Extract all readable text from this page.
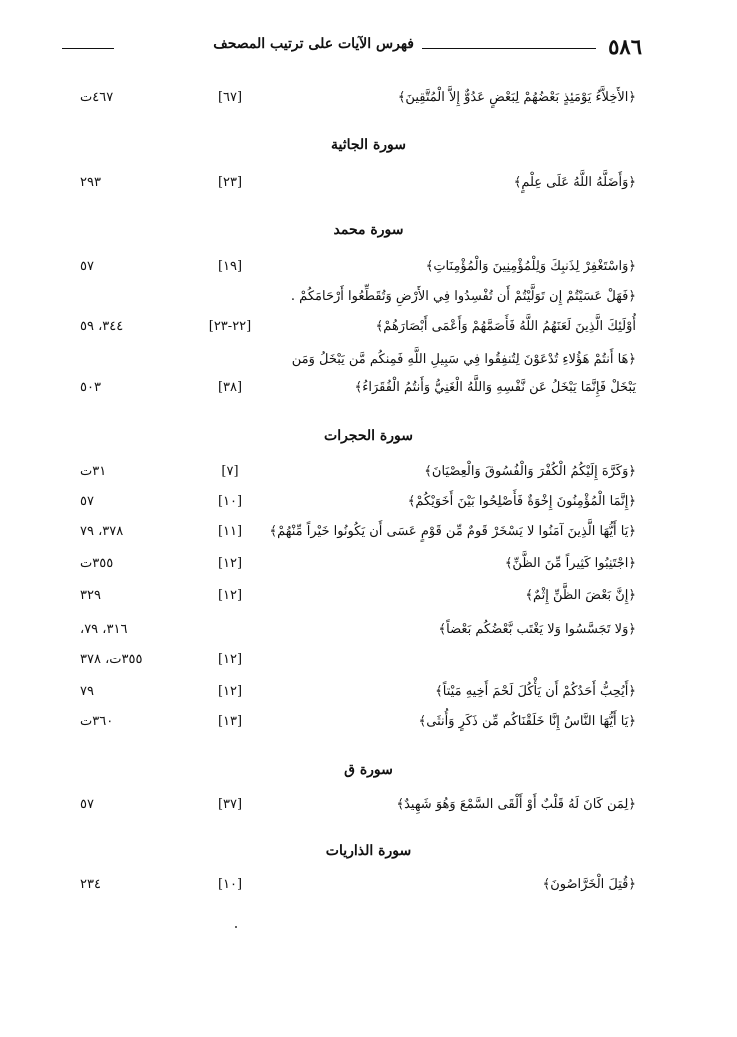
٥٨٦
فهرس الآيات على ترتيب المصحف
﴿الأَخِلاَّءُ يَوْمَئِذٍ بَعْضُهُمْ لِبَعْضٍ عَدُوٌّ إِلاَّ الْمُتَّقِينَ﴾
[٦٧]
٤٦٧ت
سورة الجاثية
﴿وَأَضَلَّهُ اللَّهُ عَلَى عِلْمٍ﴾
[٢٣]
٢٩٣
سورة محمد
﴿وَاسْتَغْفِرْ لِذَنبِكَ وَلِلْمُؤْمِنِينَ وَالْمُؤْمِنَاتِ﴾
[١٩]
٥٧
﴿فَهَلْ عَسَيْتُمْ إِن تَوَلَّيْتُمْ أَن تُفْسِدُوا فِي الأَرْضِ وَتُقَطِّعُوا أَرْحَامَكُمْ .
أُوْلَئِكَ الَّذِينَ لَعَنَهُمُ اللَّهُ فَأَصَمَّهُمْ وَأَعْمَى أَبْصَارَهُمْ﴾
[٢٢-٢٣]
٣٤٤، ٥٩
﴿هَا أَنتُمْ هَؤُلاءِ تُدْعَوْنَ لِتُنفِقُوا فِي سَبِيلِ اللَّهِ فَمِنكُم مَّن يَبْخَلُ وَمَن
يَبْخَلْ فَإِنَّمَا يَبْخَلُ عَن نَّفْسِهِ وَاللَّهُ الْغَنِيُّ وَأَنتُمُ الْفُقَرَاءُ﴾
[٣٨]
٥٠٣
سورة الحجرات
﴿وَكَرَّهَ إِلَيْكُمُ الْكُفْرَ وَالْفُسُوقَ وَالْعِصْيَانَ﴾
[٧]
٣١ت
﴿إِنَّمَا الْمُؤْمِنُونَ إِخْوَةٌ فَأَصْلِحُوا بَيْنَ أَخَوَيْكُمْ﴾
[١٠]
٥٧
﴿يَا أَيُّهَا الَّذِينَ آمَنُوا لا يَسْخَرْ قَومٌ مِّن قَوْمٍ عَسَى أَن يَكُونُوا خَيْراً مِّنْهُمْ﴾
[١١]
٣٧٨، ٧٩
﴿اجْتَنِبُوا كَثِيراً مِّنَ الظَّنِّ﴾
[١٢]
٣٥٥ت
﴿إِنَّ بَعْضَ الظَّنِّ إِثْمٌ﴾
[١٢]
٣٢٩
﴿وَلا تَجَسَّسُوا وَلا يَغْتَب بَّعْضُكُم بَعْضاً﴾
٣١٦، ٧٩،
[١٢]
٣٥٥ت، ٣٧٨
﴿أَيُحِبُّ أَحَدُكُمْ أَن يَأْكُلَ لَحْمَ أَخِيهِ مَيْتاً﴾
[١٢]
٧٩
﴿يَا أَيُّهَا النَّاسُ إِنَّا خَلَقْنَاكُم مِّن ذَكَرٍ وَأُنثَى﴾
[١٣]
٣٦٠ت
سورة ق
﴿لِمَن كَانَ لَهُ قَلْبٌ أَوْ أَلْقَى السَّمْعَ وَهُوَ شَهِيدٌ﴾
[٣٧]
٥٧
سورة الذاريات
﴿قُتِلَ الْخَرَّاصُونَ﴾
[١٠]
٢٣٤
